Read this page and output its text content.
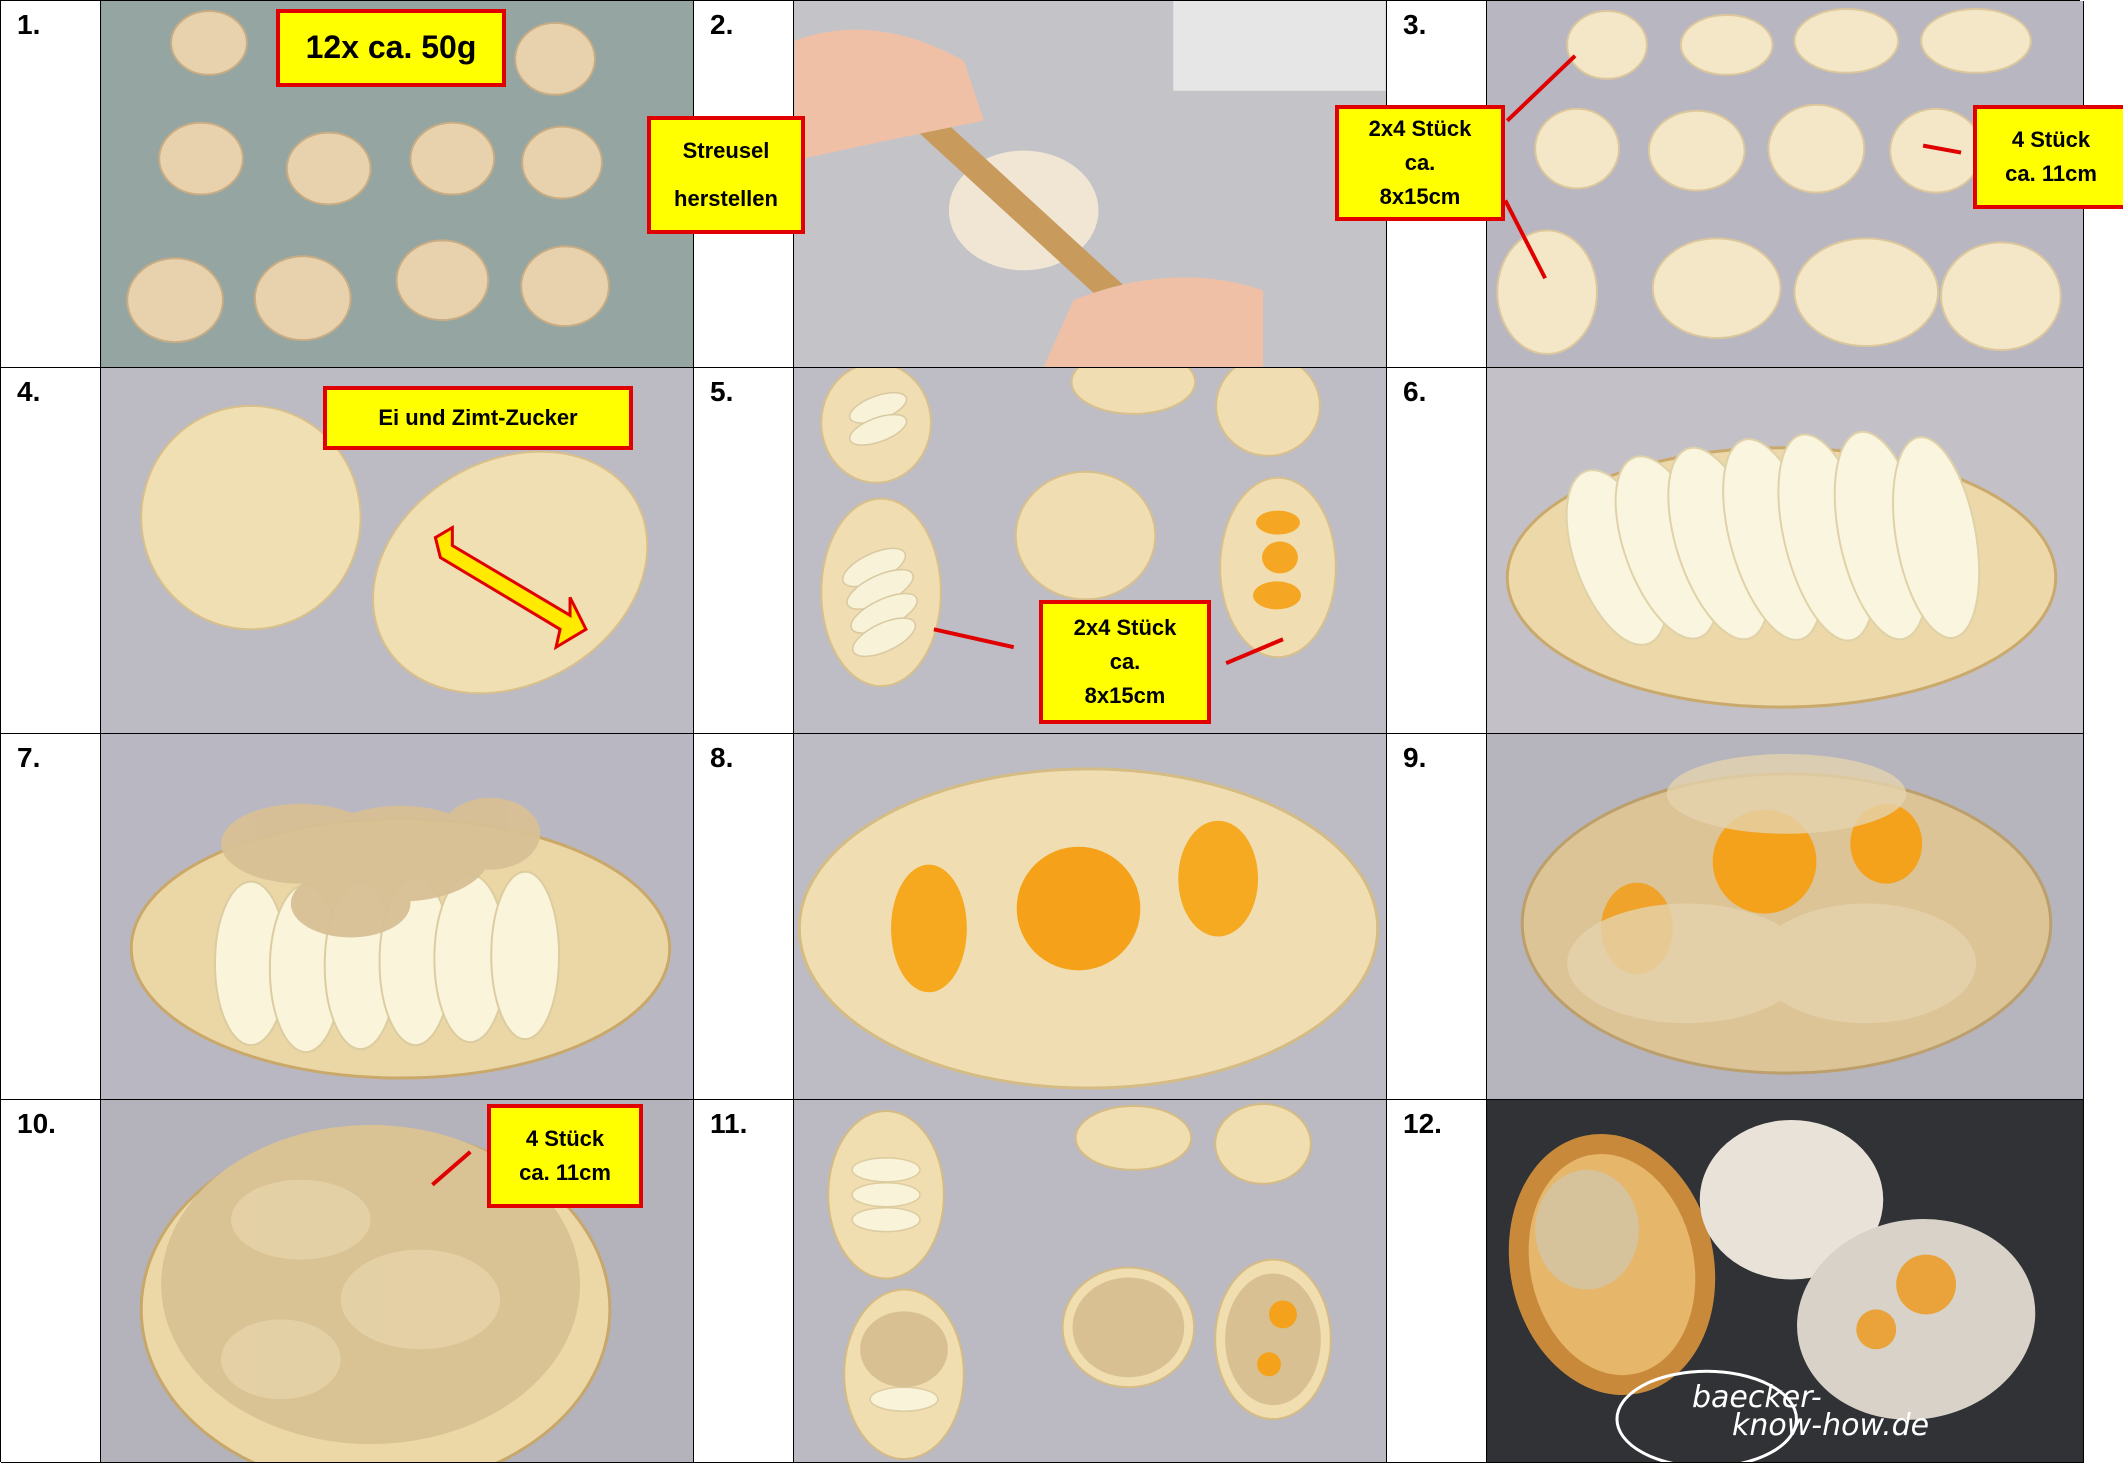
1.
12x ca. 50g
2.	3.
2x4 Stück
ca.
8x15cm
4 Stück
ca. 11cm
4.
Ei und Zimt-Zucker
5.
2x4 Stück
ca.
8x15cm
6.
7.	8.	9.
10.	4 Stück
ca. 11cm
11.	12.
baecker-
know-how.de
Streusel
herstellen
